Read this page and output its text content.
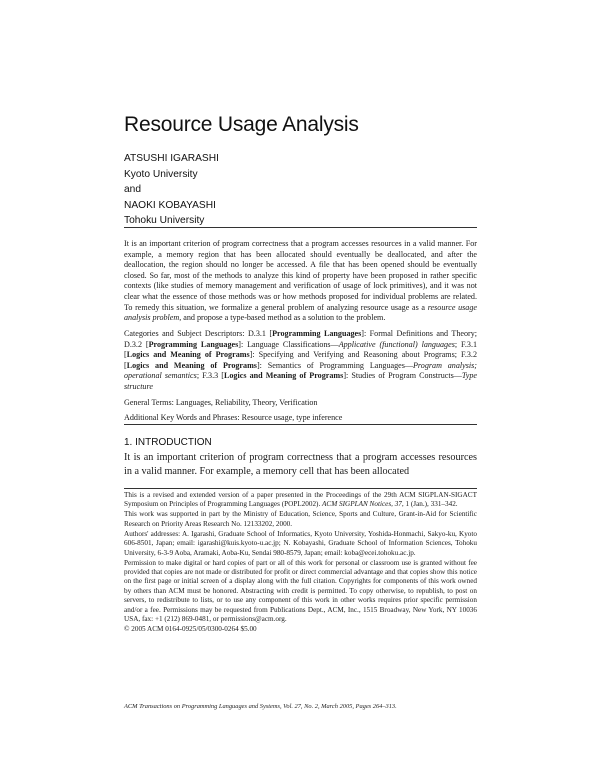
Resource Usage Analysis
ATSUSHI IGARASHI
Kyoto University
and
NAOKI KOBAYASHI
Tohoku University

It is an important criterion of program correctness that a program accesses resources in a valid manner. For example, a memory region that has been allocated should eventually be deallocated, and after the deallocation, the region should no longer be accessed. A file that has been opened should be eventually closed. So far, most of the methods to analyze this kind of property have been proposed in rather specific contexts (like studies of memory management and verification of usage of lock primitives), and it was not clear what the essence of those methods was or how methods proposed for individual problems are related. To remedy this situation, we formalize a general problem of analyzing resource usage as a resource usage analysis problem, and propose a type-based method as a solution to the problem.

Categories and Subject Descriptors: D.3.1 [Programming Languages]: Formal Definitions and Theory; D.3.2 [Programming Languages]: Language Classifications—Applicative (functional) languages; F.3.1 [Logics and Meaning of Programs]: Specifying and Verifying and Reasoning about Programs; F.3.2 [Logics and Meaning of Programs]: Semantics of Programming Languages—Program analysis; operational semantics; F.3.3 [Logics and Meaning of Programs]: Studies of Program Constructs—Type structure

General Terms: Languages, Reliability, Theory, Verification

Additional Key Words and Phrases: Resource usage, type inference

1. INTRODUCTION

It is an important criterion of program correctness that a program accesses resources in a valid manner. For example, a memory cell that has been allocated

This is a revised and extended version of a paper presented in the Proceedings of the 29th ACM SIGPLAN-SIGACT Symposium on Principles of Programming Languages (POPL2002). ACM SIGPLAN Notices, 37, 1 (Jan.), 331–342.

This work was supported in part by the Ministry of Education, Science, Sports and Culture, Grant-in-Aid for Scientific Research on Priority Areas Research No. 12133202, 2000.

Authors' addresses: A. Igarashi, Graduate School of Informatics, Kyoto University, Yoshida-Honmachi, Sakyo-ku, Kyoto 606-8501, Japan; email: igarashi@kuis.kyoto-u.ac.jp; N. Kobayashi, Graduate School of Information Sciences, Tohoku University, 6-3-9 Aoba, Aramaki, Aoba-Ku, Sendai 980-8579, Japan; email: koba@ecei.tohoku.ac.jp.

Permission to make digital or hard copies of part or all of this work for personal or classroom use is granted without fee provided that copies are not made or distributed for profit or direct commercial advantage and that copies show this notice on the first page or initial screen of a display along with the full citation. Copyrights for components of this work owned by others than ACM must be honored. Abstracting with credit is permitted. To copy otherwise, to republish, to post on servers, to redistribute to lists, or to use any component of this work in other works requires prior specific permission and/or a fee. Permissions may be requested from Publications Dept., ACM, Inc., 1515 Broadway, New York, NY 10036 USA, fax: +1 (212) 869-0481, or permissions@acm.org.

© 2005 ACM 0164-0925/05/0300-0264 $5.00

ACM Transactions on Programming Languages and Systems, Vol. 27, No. 2, March 2005, Pages 264–313.
